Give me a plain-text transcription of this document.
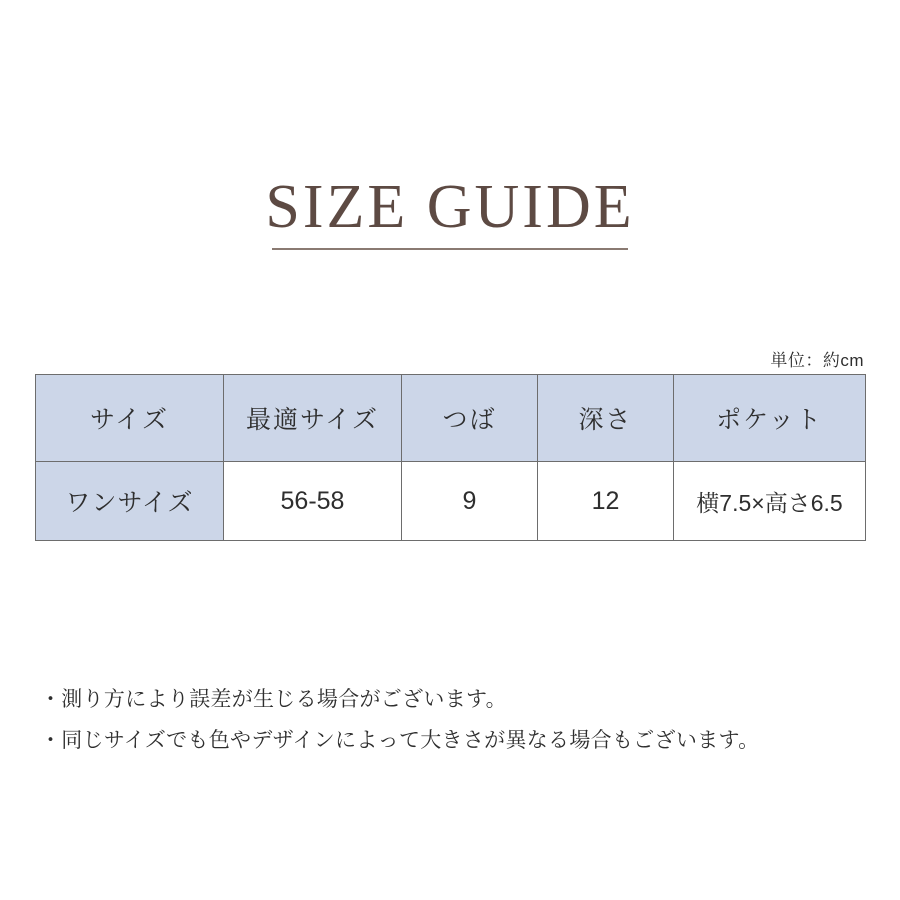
SIZE GUIDE
単位：約cm
サイズ	最適サイズ	つば	深さ	ポケット
ワンサイズ	56-58	9	12	横7.5×高さ6.5
・測り方により誤差が生じる場合がございます。
・同じサイズでも色やデザインによって大きさが異なる場合もございます。
